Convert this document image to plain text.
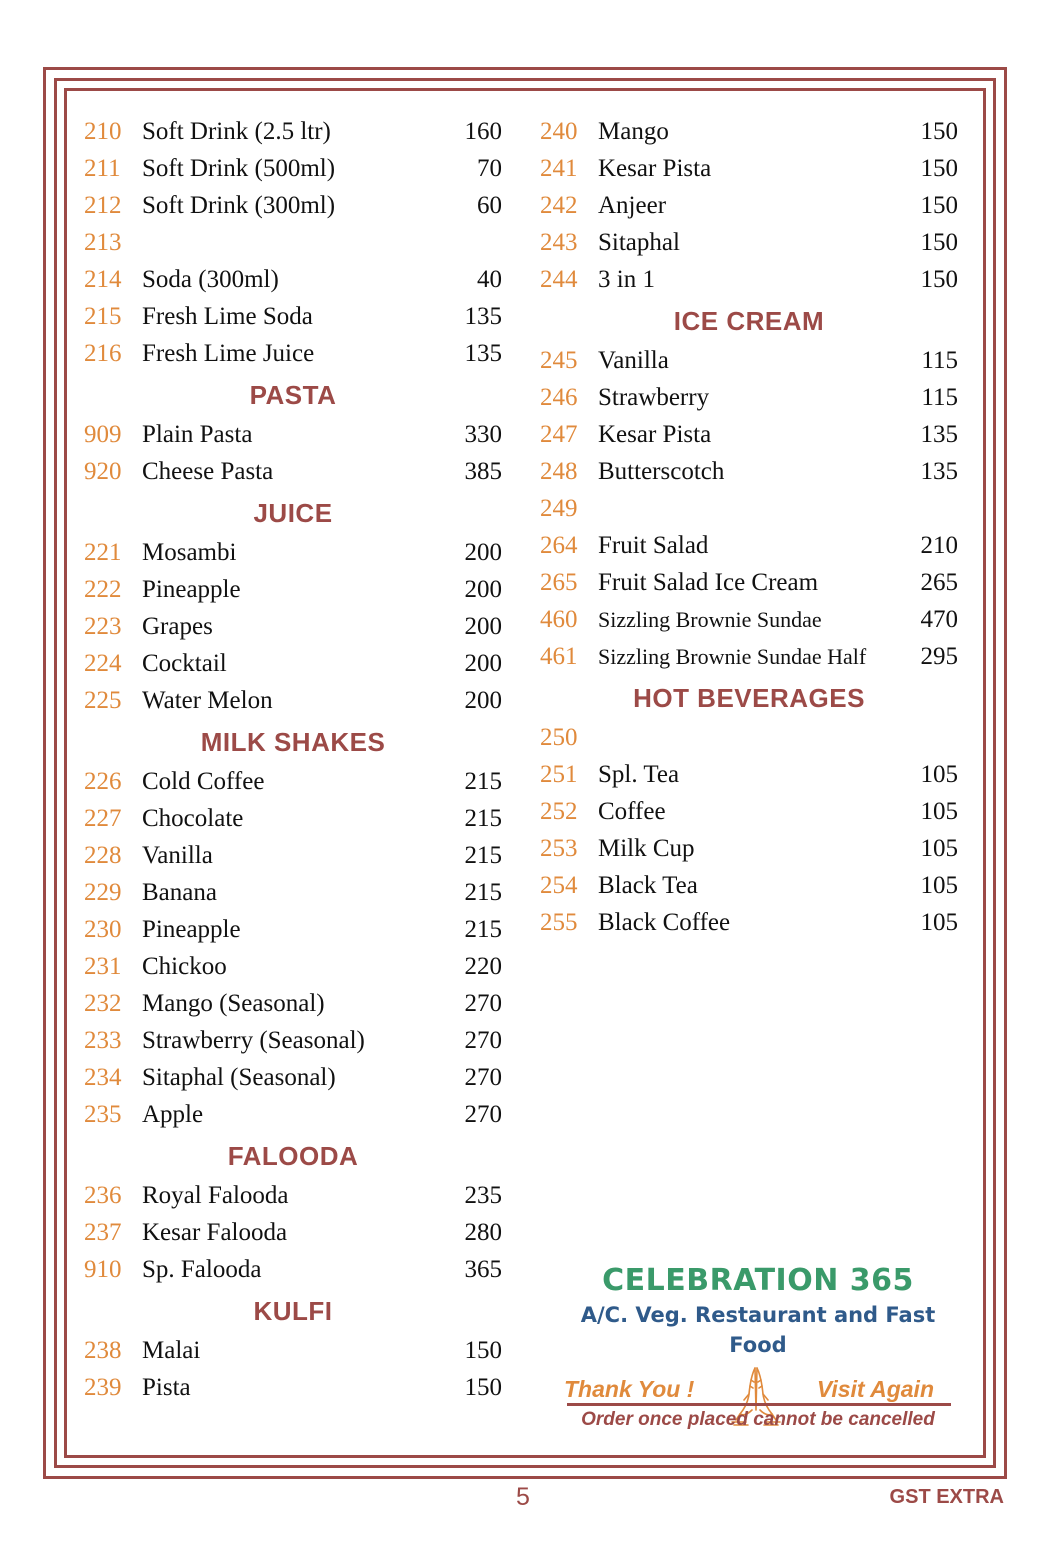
210 Soft Drink (2.5 ltr)	160
211 Soft Drink (500ml)	70
212 Soft Drink (300ml)	60
213
214 Soda (300ml)	40
215 Fresh Lime Soda	135
216 Fresh Lime Juice	135
PASTA
909 Plain Pasta	330
920 Cheese Pasta	385
JUICE
221 Mosambi	200
222 Pineapple	200
223 Grapes	200
224 Cocktail	200
225 Water Melon	200
MILK SHAKES
226 Cold Coffee	215
227 Chocolate	215
228 Vanilla	215
229 Banana	215
230 Pineapple	215
231 Chickoo	220
232 Mango (Seasonal)	270
233 Strawberry (Seasonal)	270
234 Sitaphal (Seasonal)	270
235 Apple	270
FALOODA
236 Royal Falooda	235
237 Kesar Falooda	280
910 Sp. Falooda	365
KULFI
238 Malai	150
239 Pista	150
240 Mango	150
241 Kesar Pista	150
242 Anjeer	150
243 Sitaphal	150
244 3 in 1	150
ICE CREAM
245 Vanilla	115
246 Strawberry	115
247 Kesar Pista	135
248 Butterscotch	135
249
264 Fruit Salad	210
265 Fruit Salad Ice Cream	265
460 Sizzling Brownie Sundae	470
461 Sizzling Brownie Sundae Half 295
HOT BEVERAGES
250
251 Spl. Tea	105
252 Coffee	105
253 Milk Cup	105
254 Black Tea	105
255 Black Coffee	105
CELEBRATION 365
A/C. Veg. Restaurant and Fast Food
Thank You !	Visit Again
Order once placed cannot be cancelled
5	GST EXTRA
